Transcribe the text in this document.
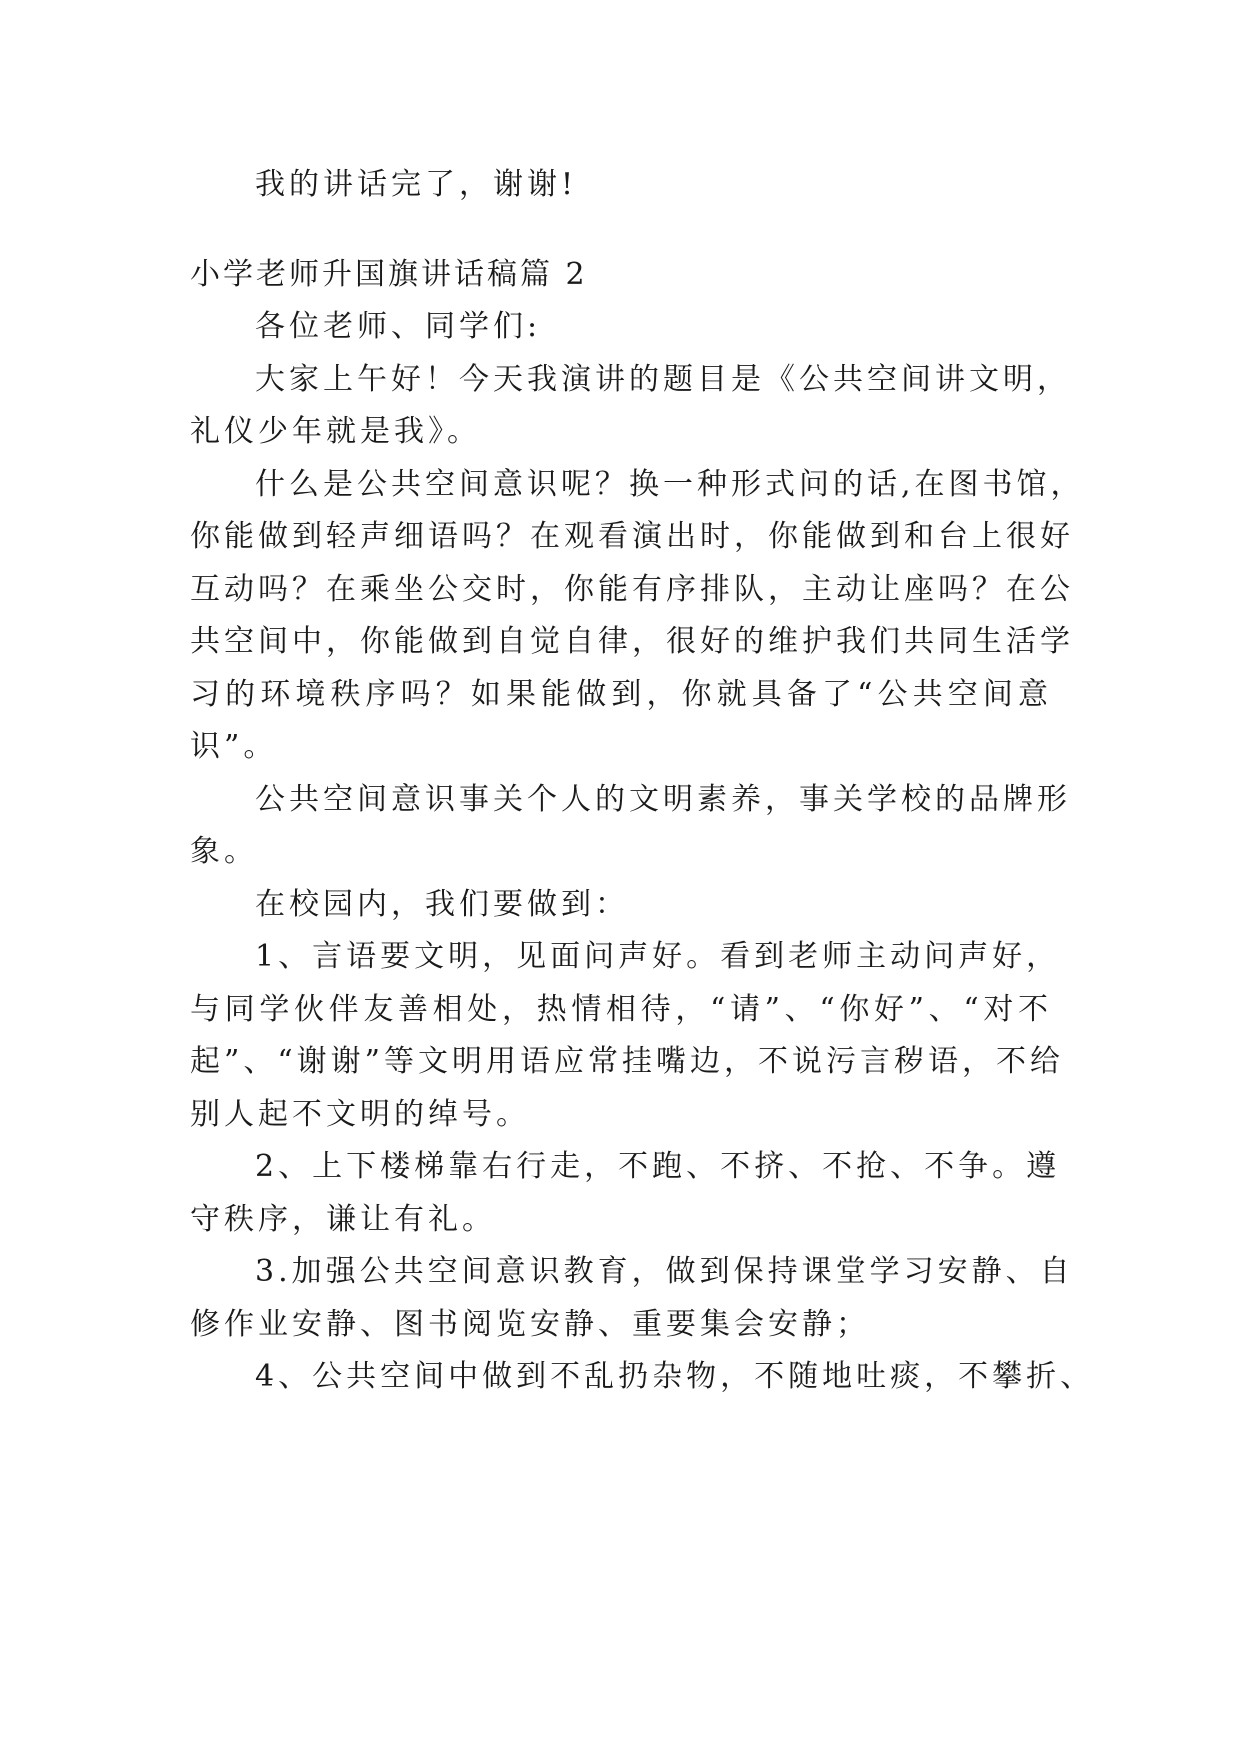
我的讲话完了，谢谢!
小学老师升国旗讲话稿篇 2
各位老师、同学们:
大家上午好！今天我演讲的题目是《公共空间讲文明，
礼仪少年就是我》。
什么是公共空间意识呢？换一种形式问的话,在图书馆，
你能做到轻声细语吗？在观看演出时，你能做到和台上很好
互动吗？在乘坐公交时，你能有序排队，主动让座吗？在公
共空间中，你能做到自觉自律，很好的维护我们共同生活学
习的环境秩序吗？如果能做到，你就具备了“公共空间意
识”。
公共空间意识事关个人的文明素养，事关学校的品牌形
象。
在校园内，我们要做到：
1、言语要文明，见面问声好。看到老师主动问声好，
与同学伙伴友善相处，热情相待，“请”、“你好”、“对不
起”、“谢谢”等文明用语应常挂嘴边，不说污言秽语，不给
别人起不文明的绰号。
2、上下楼梯靠右行走，不跑、不挤、不抢、不争。遵
守秩序，谦让有礼。
3.加强公共空间意识教育，做到保持课堂学习安静、自
修作业安静、图书阅览安静、重要集会安静；
4、公共空间中做到不乱扔杂物，不随地吐痰，不攀折、
